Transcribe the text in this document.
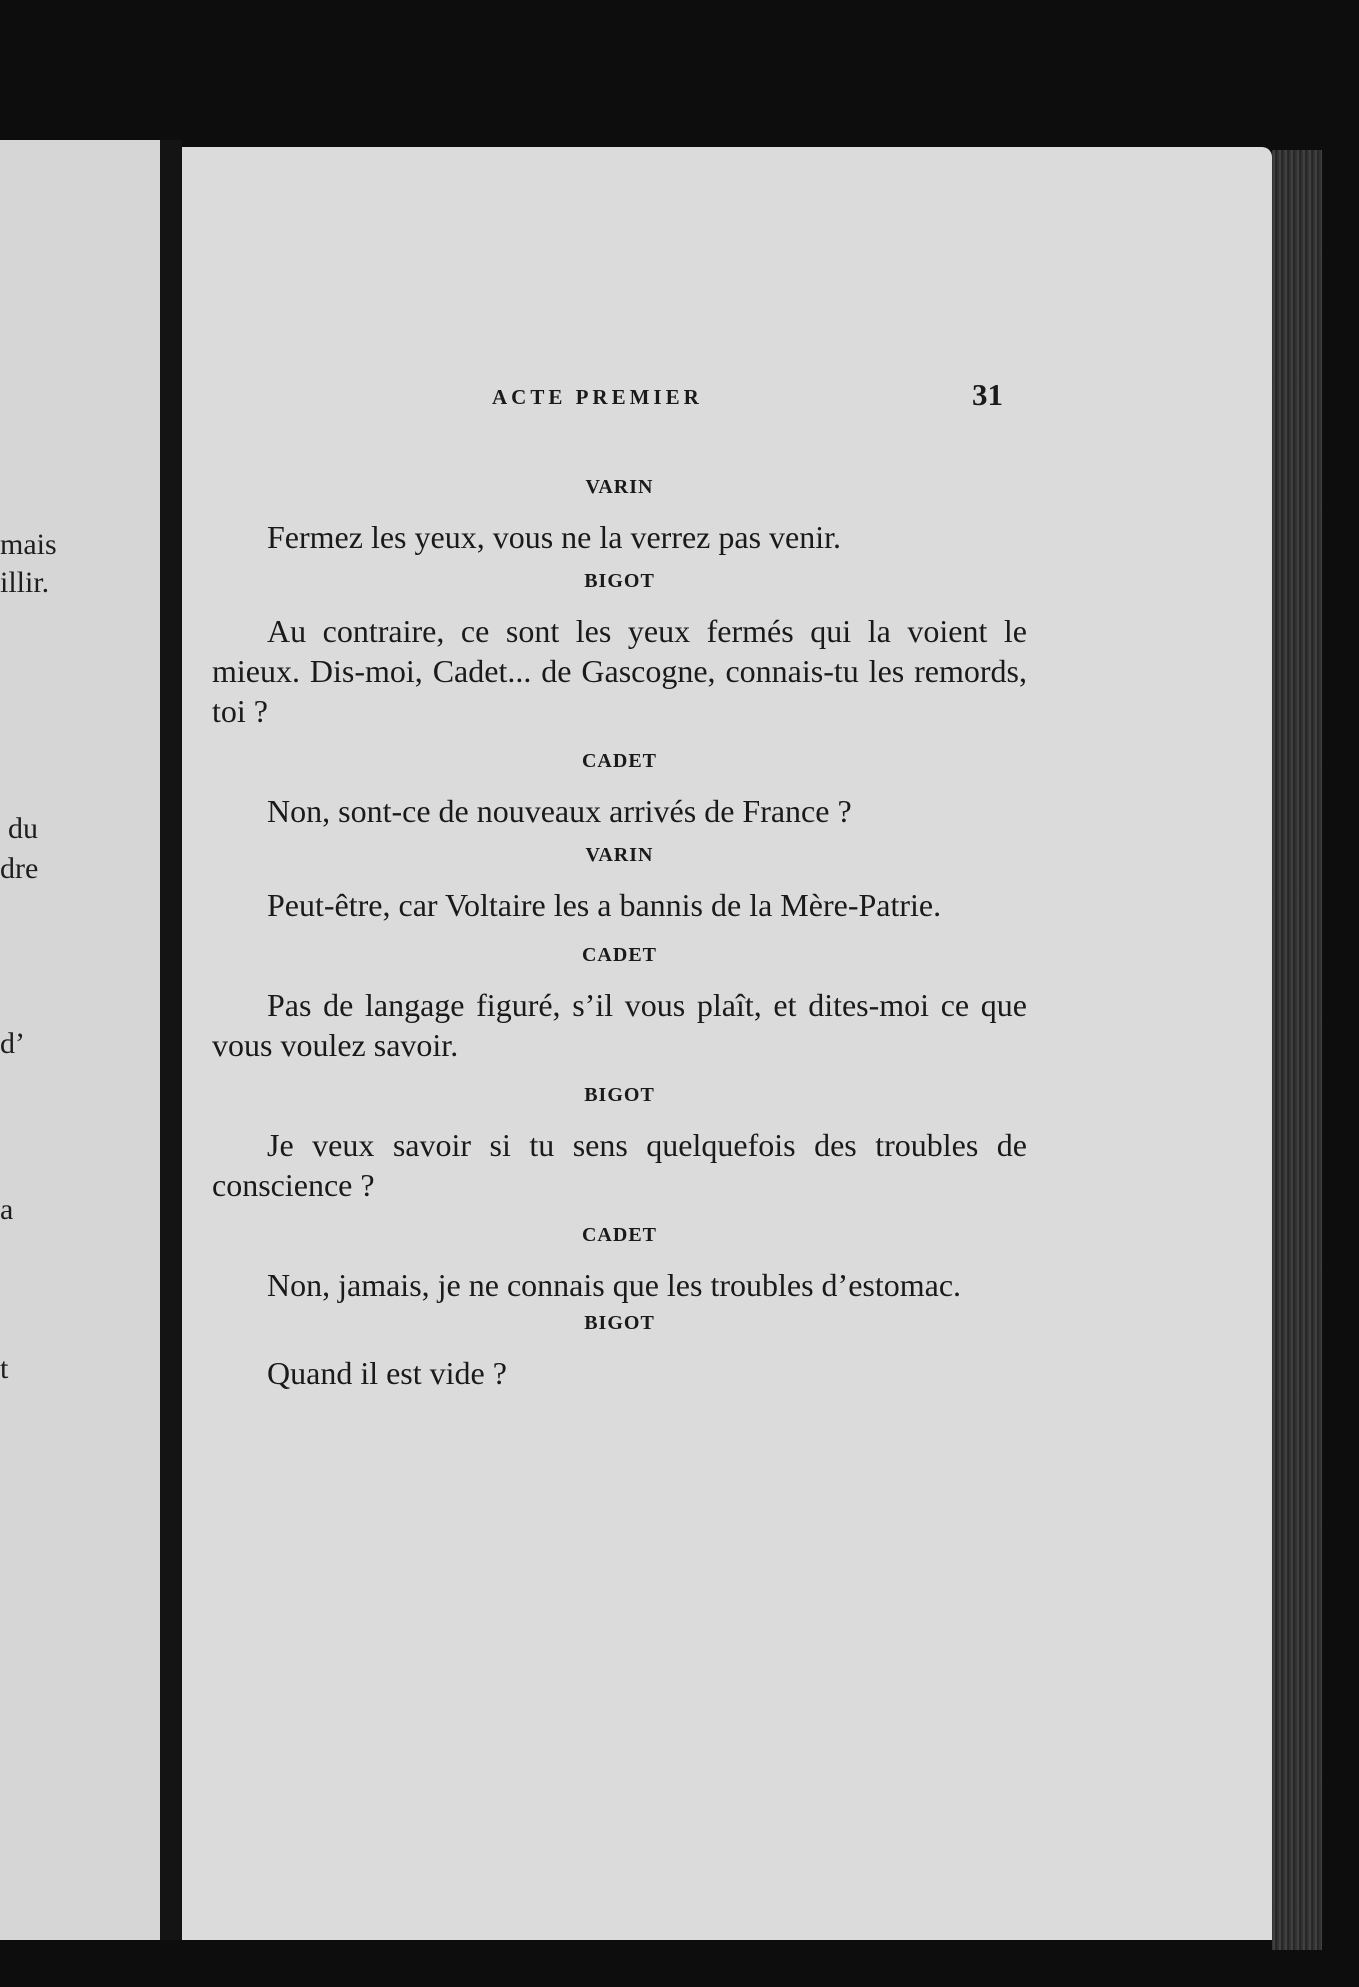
mais
illir.
du
dre
d’
a
t
ACTE PREMIER	31

VARIN

Fermez les yeux, vous ne la verrez pas venir.

BIGOT

Au contraire, ce sont les yeux fermés qui la voient le mieux. Dis-moi, Cadet... de Gascogne, connais-tu les remords, toi ?

CADET

Non, sont-ce de nouveaux arrivés de France ?

VARIN

Peut-être, car Voltaire les a bannis de la Mère-Patrie.

CADET

Pas de langage figuré, s’il vous plaît, et dites-moi ce que vous voulez savoir.

BIGOT

Je veux savoir si tu sens quelquefois des troubles de conscience ?

CADET

Non, jamais, je ne connais que les troubles d’estomac.

BIGOT

Quand il est vide ?
